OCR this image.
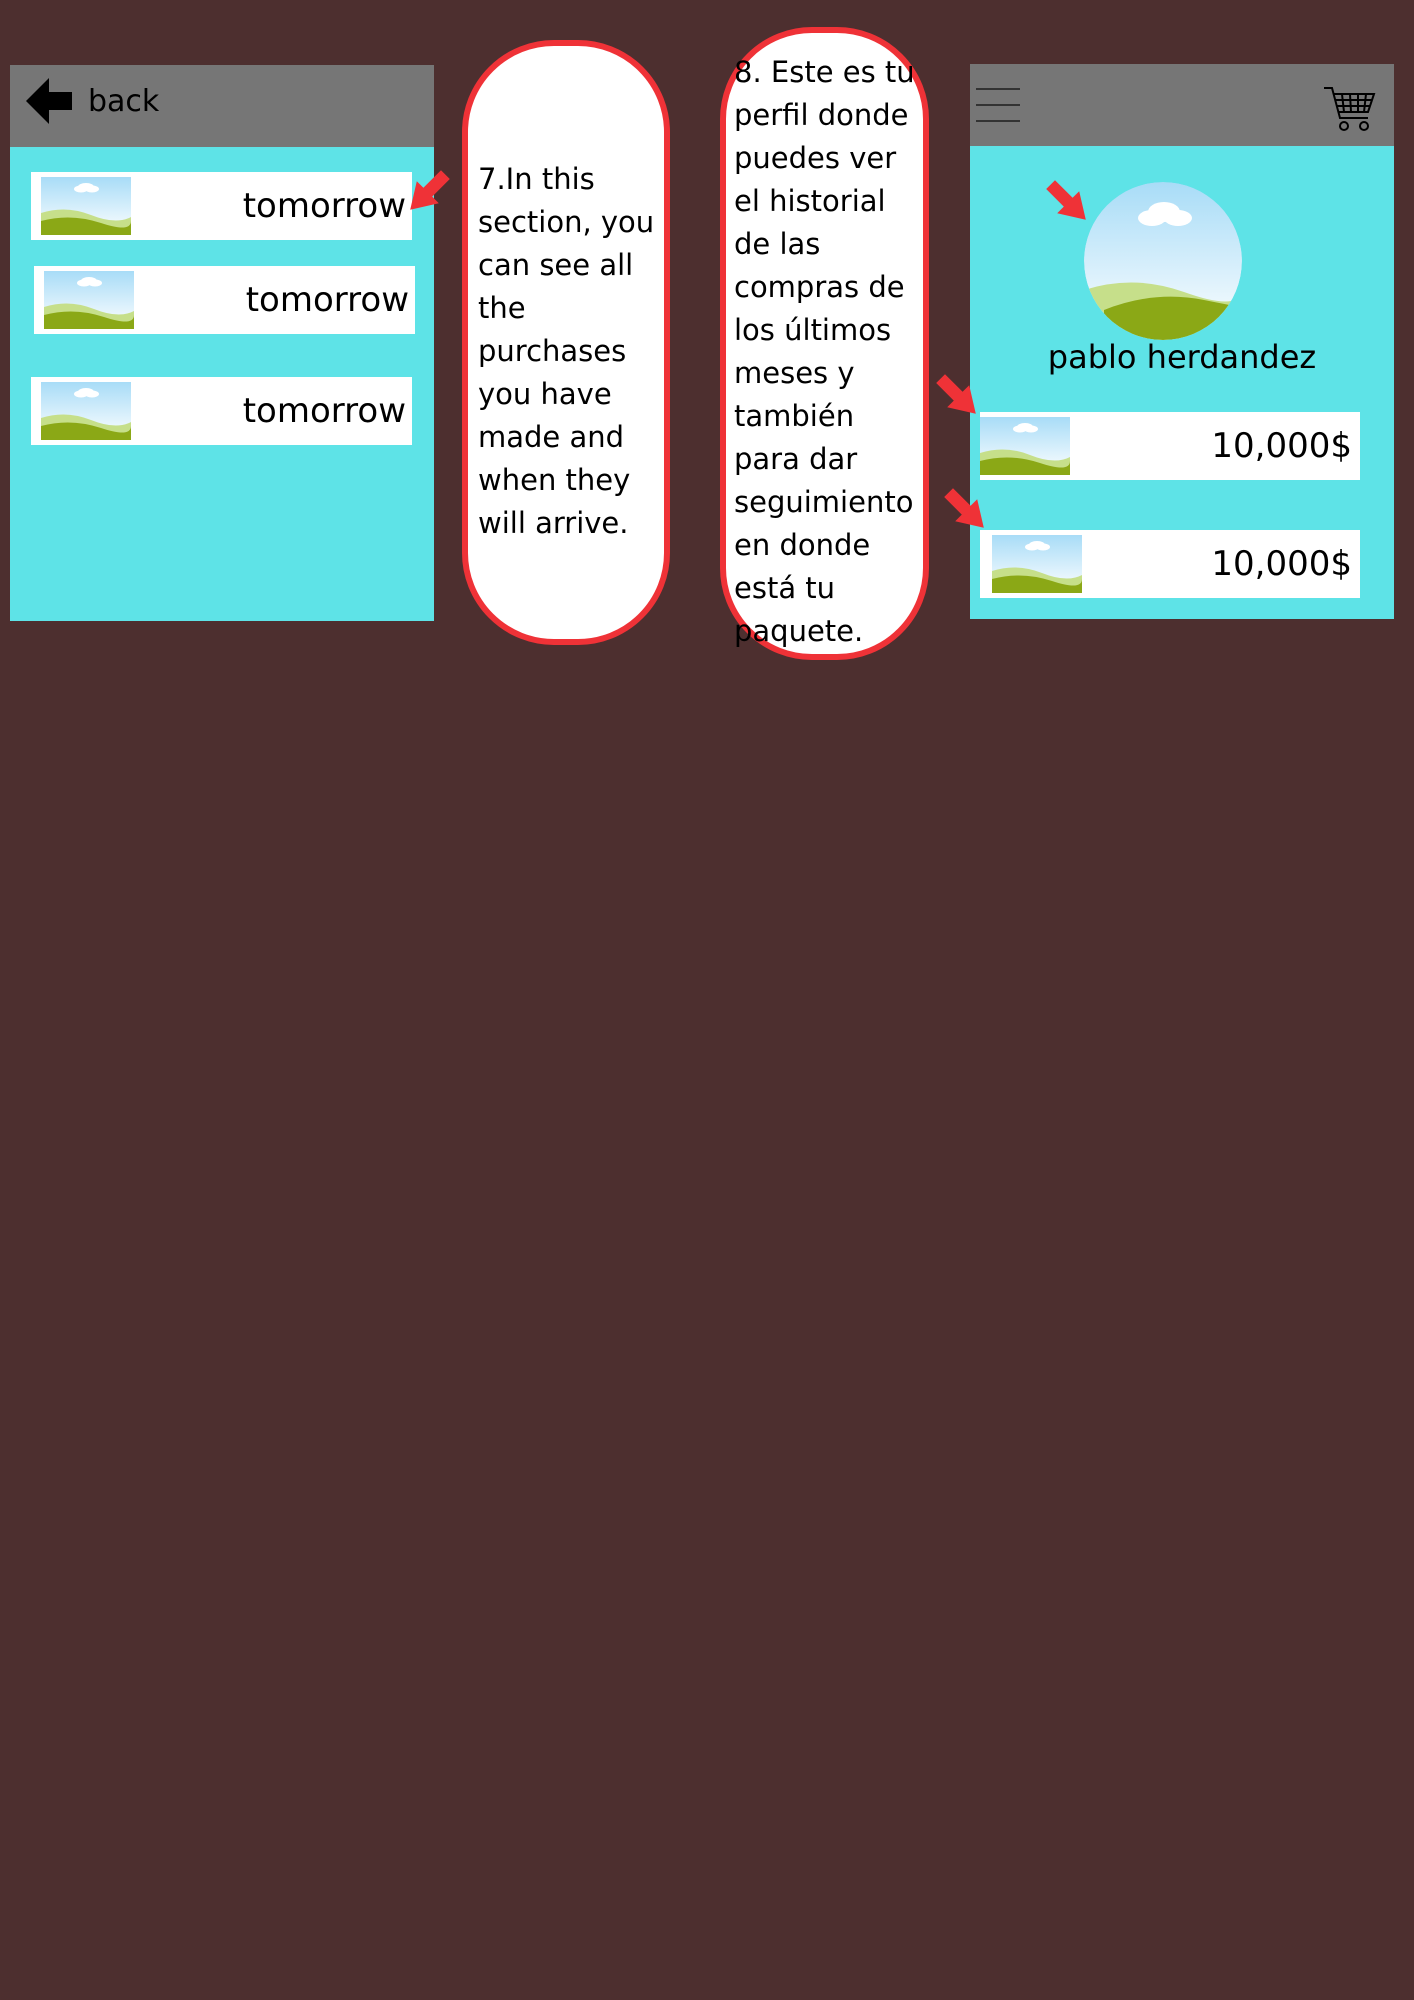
back
tomorrow
tomorrow
tomorrow
7.In this section, you can see all the purchases you have made and when they will arrive.
8. Este es tu perfil donde puedes ver el historial de las compras de los últimos meses y también para dar seguimiento en donde está tu paquete.
pablo herdandez
10,000$
10,000$
